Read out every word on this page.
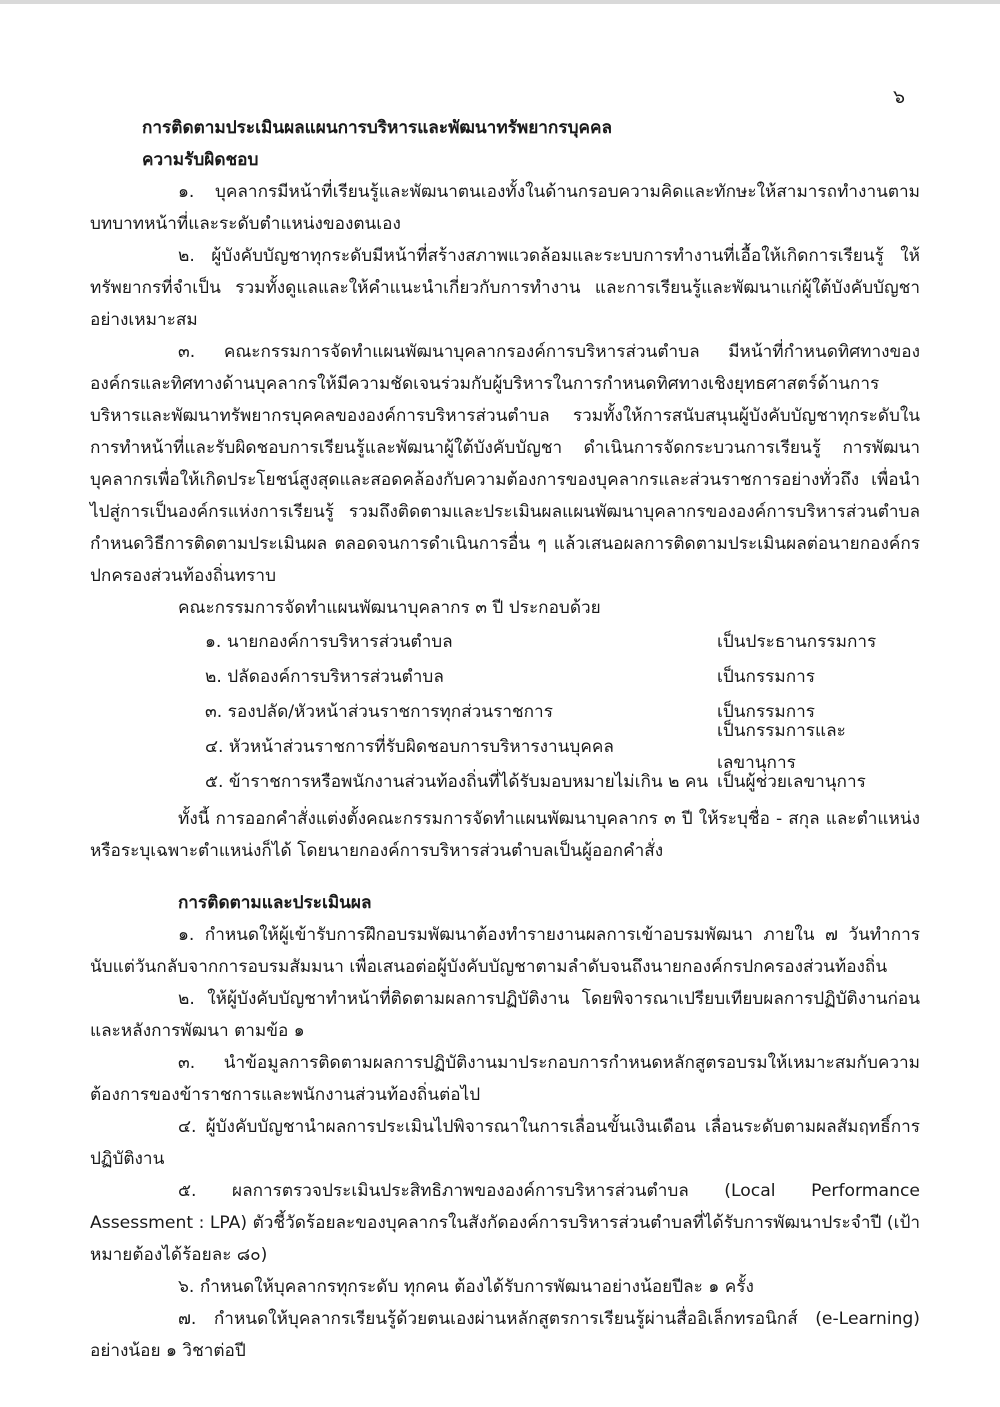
๖

การติดตามประเมินผลแผนการบริหารและพัฒนาทรัพยากรบุคคล

ความรับผิดชอบ

๑. บุคลากรมีหน้าที่เรียนรู้และพัฒนาตนเองทั้งในด้านกรอบความคิดและทักษะให้สามารถทำงานตามบทบาทหน้าที่และระดับตำแหน่งของตนเอง

๒. ผู้บังคับบัญชาทุกระดับมีหน้าที่สร้างสภาพแวดล้อมและระบบการทำงานที่เอื้อให้เกิดการเรียนรู้ ให้ทรัพยากรที่จำเป็น รวมทั้งดูแลและให้คำแนะนำเกี่ยวกับการทำงาน และการเรียนรู้และพัฒนาแก่ผู้ใต้บังคับบัญชาอย่างเหมาะสม

๓. คณะกรรมการจัดทำแผนพัฒนาบุคลากรองค์การบริหารส่วนตำบล มีหน้าที่กำหนดทิศทางขององค์กรและทิศทางด้านบุคลากรให้มีความชัดเจนร่วมกับผู้บริหารในการกำหนดทิศทางเชิงยุทธศาสตร์ด้านการบริหารและพัฒนาทรัพยากรบุคคลขององค์การบริหารส่วนตำบล รวมทั้งให้การสนับสนุนผู้บังคับบัญชาทุกระดับในการทำหน้าที่และรับผิดชอบการเรียนรู้และพัฒนาผู้ใต้บังคับบัญชา ดำเนินการจัดกระบวนการเรียนรู้ การพัฒนาบุคลากรเพื่อให้เกิดประโยชน์สูงสุดและสอดคล้องกับความต้องการของบุคลากรและส่วนราชการอย่างทั่วถึง เพื่อนำไปสู่การเป็นองค์กรแห่งการเรียนรู้ รวมถึงติดตามและประเมินผลแผนพัฒนาบุคลากรขององค์การบริหารส่วนตำบล กำหนดวิธีการติดตามประเมินผล ตลอดจนการดำเนินการอื่น ๆ แล้วเสนอผลการติดตามประเมินผลต่อนายกองค์กรปกครองส่วนท้องถิ่นทราบ

คณะกรรมการจัดทำแผนพัฒนาบุคลากร ๓ ปี ประกอบด้วย

๑. นายกองค์การบริหารส่วนตำบล	เป็นประธานกรรมการ
๒. ปลัดองค์การบริหารส่วนตำบล	เป็นกรรมการ
๓. รองปลัด/หัวหน้าส่วนราชการทุกส่วนราชการ	เป็นกรรมการ
๔. หัวหน้าส่วนราชการที่รับผิดชอบการบริหารงานบุคคล
เป็นกรรมการและเลขานุการ
๕. ข้าราชการหรือพนักงานส่วนท้องถิ่นที่ได้รับมอบหมายไม่เกิน ๒ คน เป็นผู้ช่วยเลขานุการ

ทั้งนี้ การออกคำสั่งแต่งตั้งคณะกรรมการจัดทำแผนพัฒนาบุคลากร ๓ ปี ให้ระบุชื่อ - สกุล และตำแหน่งหรือระบุเฉพาะตำแหน่งก็ได้ โดยนายกองค์การบริหารส่วนตำบลเป็นผู้ออกคำสั่ง

การติดตามและประเมินผล

๑. กำหนดให้ผู้เข้ารับการฝึกอบรมพัฒนาต้องทำรายงานผลการเข้าอบรมพัฒนา ภายใน ๗ วันทำการนับแต่วันกลับจากการอบรมสัมมนา เพื่อเสนอต่อผู้บังคับบัญชาตามลำดับจนถึงนายกองค์กรปกครองส่วนท้องถิ่น

๒. ให้ผู้บังคับบัญชาทำหน้าที่ติดตามผลการปฏิบัติงาน โดยพิจารณาเปรียบเทียบผลการปฏิบัติงานก่อนและหลังการพัฒนา ตามข้อ ๑

๓. นำข้อมูลการติดตามผลการปฏิบัติงานมาประกอบการกำหนดหลักสูตรอบรมให้เหมาะสมกับความต้องการของข้าราชการและพนักงานส่วนท้องถิ่นต่อไป

๔. ผู้บังคับบัญชานำผลการประเมินไปพิจารณาในการเลื่อนขั้นเงินเดือน เลื่อนระดับตามผลสัมฤทธิ์การปฏิบัติงาน

๕. ผลการตรวจประเมินประสิทธิภาพขององค์การบริหารส่วนตำบล (Local Performance Assessment : LPA) ตัวชี้วัดร้อยละของบุคลากรในสังกัดองค์การบริหารส่วนตำบลที่ได้รับการพัฒนาประจำปี (เป้าหมายต้องได้ร้อยละ ๘๐)

๖. กำหนดให้บุคลากรทุกระดับ ทุกคน ต้องได้รับการพัฒนาอย่างน้อยปีละ ๑ ครั้ง

๗. กำหนดให้บุคลากรเรียนรู้ด้วยตนเองผ่านหลักสูตรการเรียนรู้ผ่านสื่ออิเล็กทรอนิกส์ (e-Learning) อย่างน้อย ๑ วิชาต่อปี
